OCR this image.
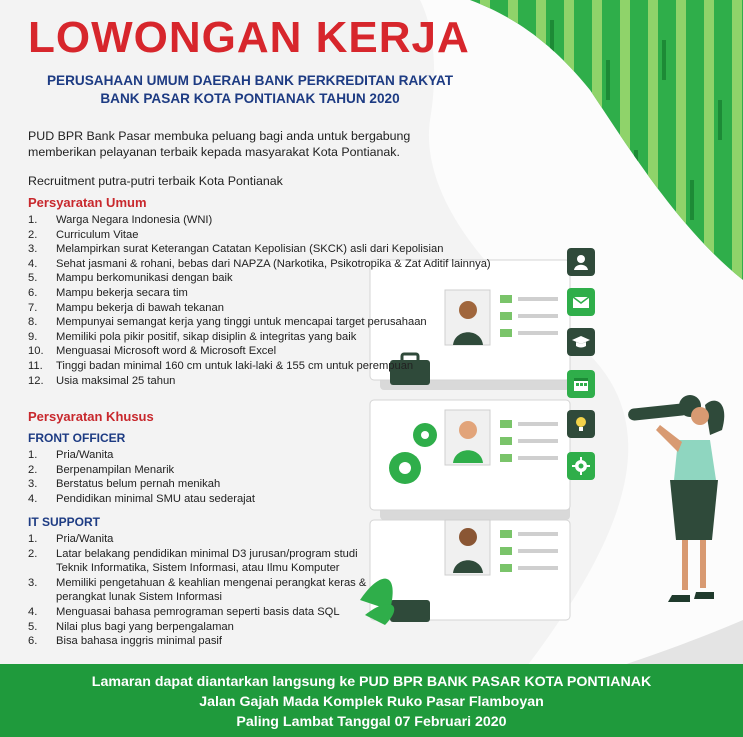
LOWONGAN KERJA
PERUSAHAAN UMUM DAERAH BANK PERKREDITAN RAKYAT
BANK PASAR KOTA PONTIANAK TAHUN 2020

PUD BPR Bank Pasar membuka peluang bagi anda untuk bergabung memberikan pelayanan terbaik kepada masyarakat Kota Pontianak.

Recruitment putra-putri terbaik Kota Pontianak

Persyaratan Umum
1. Warga Negara Indonesia (WNI)
2. Curriculum Vitae
3. Melampirkan surat Keterangan Catatan Kepolisian (SKCK) asli dari Kepolisian
4. Sehat jasmani & rohani, bebas dari NAPZA (Narkotika, Psikotropika & Zat Aditif lainnya)
5. Mampu berkomunikasi dengan baik
6. Mampu bekerja secara tim
7. Mampu bekerja di bawah tekanan
8. Mempunyai semangat kerja yang tinggi untuk mencapai target perusahaan
9. Memiliki pola pikir positif, sikap disiplin & integritas yang baik
10. Menguasai Microsoft word & Microsoft Excel
11. Tinggi badan minimal 160 cm untuk laki-laki & 155 cm untuk perempuan
12. Usia maksimal 25 tahun
Persyaratan Khusus
FRONT OFFICER
1. Pria/Wanita
2. Berpenampilan Menarik
3. Berstatus belum pernah menikah
4. Pendidikan minimal SMU atau sederajat
IT SUPPORT
1. Pria/Wanita
2. Latar belakang pendidikan minimal D3 jurusan/program studi Teknik Informatika, Sistem Informasi, atau Ilmu Komputer
3. Memiliki pengetahuan & keahlian mengenai perangkat keras & perangkat lunak Sistem Informasi
4. Menguasai bahasa pemrograman seperti basis data SQL
5. Nilai plus bagi yang berpengalaman
6. Bisa bahasa inggris minimal pasif
Lamaran dapat diantarkan langsung ke PUD BPR BANK PASAR KOTA PONTIANAK
Jalan Gajah Mada Komplek Ruko Pasar Flamboyan
Paling Lambat Tanggal 07 Februari 2020
